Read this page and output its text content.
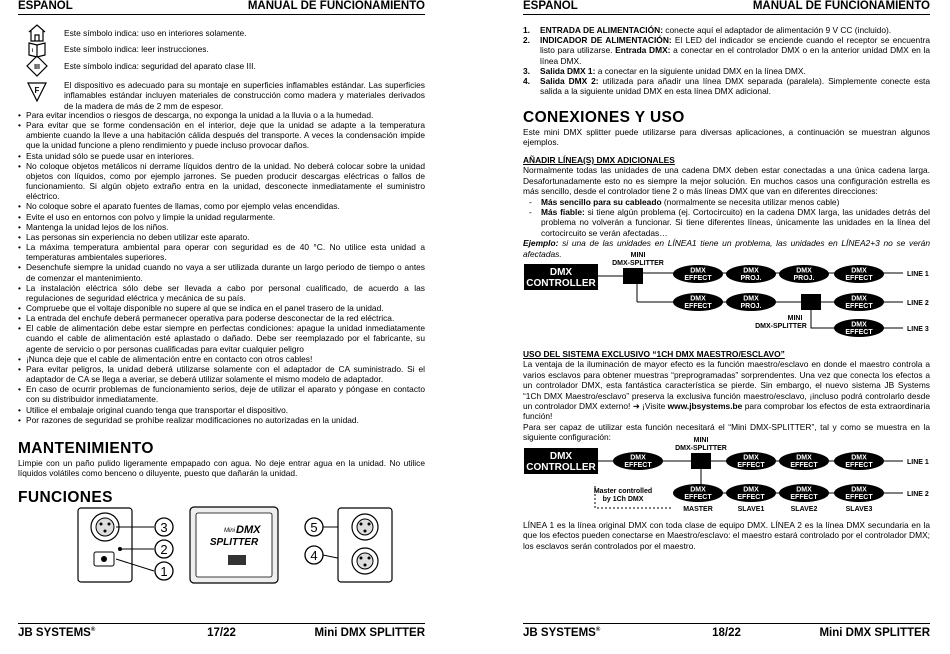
ESPAÑOL	MANUAL DE FUNCIONAMIENTO
Este símbolo indica: uso en interiores solamente.
i	Este símbolo indica: leer instrucciones.
III	Este símbolo indica: seguridad del aparato clase III.
F
El dispositivo es adecuado para su montaje en superficies inflamables estándar. Las superficies inflamables estándar incluyen materiales de construcción como madera y materiales derivados de la madera de más de 2 mm de espesor.
• Para evitar incendios o riesgos de descarga, no exponga la unidad a la lluvia o a la humedad.
• Para evitar que se forme condensación en el interior, deje que la unidad se adapte a la temperatura ambiente cuando la lleve a una habitación cálida después del transporte. A veces la condensación impide que la unidad funcione a pleno rendimiento y puede incluso provocar daños.
• Esta unidad sólo se puede usar en interiores.
• No coloque objetos metálicos ni derrame líquidos dentro de la unidad. No deberá colocar sobre la unidad objetos con líquidos, como por ejemplo jarrones. Se pueden producir descargas eléctricas o fallos de funcionamiento. Si algún objeto extraño entra en la unidad, desconecte inmediatamente el suministro eléctrico.
• No coloque sobre el aparato fuentes de llamas, como por ejemplo velas encendidas.
• Evite el uso en entornos con polvo y limpie la unidad regularmente.
• Mantenga la unidad lejos de los niños.
• Las personas sin experiencia no deben utilizar este aparato.
• La máxima temperatura ambiental para operar con seguridad es de 40 °C. No utilice esta unidad a temperaturas ambientales superiores.
• Desenchufe siempre la unidad cuando no vaya a ser utilizada durante un largo periodo de tiempo o antes de comenzar el mantenimiento.
• La instalación eléctrica sólo debe ser llevada a cabo por personal cualificado, de acuerdo a las regulaciones de seguridad eléctrica y mecánica de su país.
• Compruebe que el voltaje disponible no supere al que se indica en el panel trasero de la unidad.
• La entrada del enchufe deberá permanecer operativa para poderse desconectar de la red eléctrica.
• El cable de alimentación debe estar siempre en perfectas condiciones: apague la unidad inmediatamente cuando el cable de alimentación esté aplastado o dañado. Debe ser reemplazado por el fabricante, su agente de servicio o por personas cualificadas para evitar cualquier peligro
• ¡Nunca deje que el cable de alimentación entre en contacto con otros cables!
• Para evitar peligros, la unidad deberá utilizarse solamente con el adaptador de CA suministrado. Si el adaptador de CA se llega a averiar, se deberá utilizar solamente el mismo modelo de adaptador.
• En caso de ocurrir problemas de funcionamiento serios, deje de utilizar el aparato y póngase en contacto con su distribuidor inmediatamente.
• Utilice el embalaje original cuando tenga que transportar el dispositivo.
• Por razones de seguridad se prohíbe realizar modificaciones no autorizadas en la unidad.
MANTENIMIENTO
Limpie con un paño pulido ligeramente empapado con agua. No deje entrar agua en la unidad. No utilice líquidos volátiles como benceno o diluyente, puesto que dañarán la unidad.
FUNCIONES
3
2
1
Mini DMX
SPLITTER
5
4
JB SYSTEMS®	17/22	Mini DMX SPLITTER
ESPAÑOL	MANUAL DE FUNCIONAMIENTO
1. ENTRADA DE ALIMENTACIÓN: conecte aquí el adaptador de alimentación 9 V CC (incluido).
2. INDICADOR DE ALIMENTACIÓN: El LED del indicador se enciende cuando el receptor se encuentra listo para utilizarse. Entrada DMX: a conectar en el controlador DMX o en la anterior unidad DMX en la línea DMX.
3. Salida DMX 1: a conectar en la siguiente unidad DMX en la línea DMX.
4. Salida DMX 2: utilizada para añadir una línea DMX separada (paralela). Simplemente conecte esta salida a la siguiente unidad DMX en esta línea DMX adicional.
CONEXIONES Y USO
Este mini DMX splitter puede utilizarse para diversas aplicaciones, a continuación se muestran algunos ejemplos.
AÑADIR LÍNEA(S) DMX ADICIONALES
Normalmente todas las unidades de una cadena DMX deben estar conectadas a una única cadena larga. Desafortunadamente esto no es siempre la mejor solución. En muchos casos una configuración estrella es más sencillo, desde el controlador tiene 2 o más líneas DMX que van en diferentes direcciones:
- Más sencillo para su cableado (normalmente se necesita utilizar menos cable)
- Más fiable: si tiene algún problema (ej. Cortocircuito) en la cadena DMX larga, las unidades detrás del problema no volverán a funcionar. Si tiene diferentes líneas, únicamente las unidades en la línea del cortocircuito se verán afectadas…
Ejemplo: si una de las unidades en LÍNEA1 tiene un problema, las unidades en LÍNEA2+3 no se verán afectadas.
DMX
CONTROLLER
MINI
DMX-SPLITTER
DMX
EFFECT
DMX
PROJ.
DMX
PROJ.
DMX
EFFECT
LINE 1
DMX
EFFECT
DMX
PROJ.
DMX
EFFECT	LINE 2
MINI
DMX-SPLITTER	DMX
EFFECT	LINE 3
USO DEL SISTEMA EXCLUSIVO “1CH DMX MAESTRO/ESCLAVO”
La ventaja de la iluminación de mayor efecto es la función maestro/esclavo en donde el maestro controla a varios esclavos para obtener muestras “preprogramadas” sorprendentes. Una vez que conecta los efectos a un controlador DMX, esta fantástica característica se pierde. Sin embargo, el nuevo sistema JB Systems “1Ch DMX Maestro/esclavo” preserva la exclusiva función maestro/esclavo, ¡incluso podrá controlarlo desde un controlador DMX externo! ➜ ¡Visite www.jbsystems.be para comprobar los efectos de esta extraordinaria función!
Para ser capaz de utilizar esta función necesitará el “Mini DMX-SPLITTER”, tal y como se muestra en la siguiente configuración:
DMX
CONTROLLER
MINI
DMX-SPLITTER
DMX
EFFECT
DMX
EFFECT
DMX
EFFECT
DMX
EFFECT	LINE 1
DMX
EFFECT
DMX
EFFECT
DMX
EFFECT
DMX
EFFECT	LINE 2
Master controlled
by 1Ch DMX
MASTER	SLAVE1	SLAVE2	SLAVE3
LÍNEA 1 es la línea original DMX con toda clase de equipo DMX. LÍNEA 2 es la línea DMX secundaria en la que los efectos pueden conectarse en Maestro/esclavo: el maestro estará controlado por el controlador DMX; los esclavos serán controlados por el maestro.
JB SYSTEMS®	18/22	Mini DMX SPLITTER
